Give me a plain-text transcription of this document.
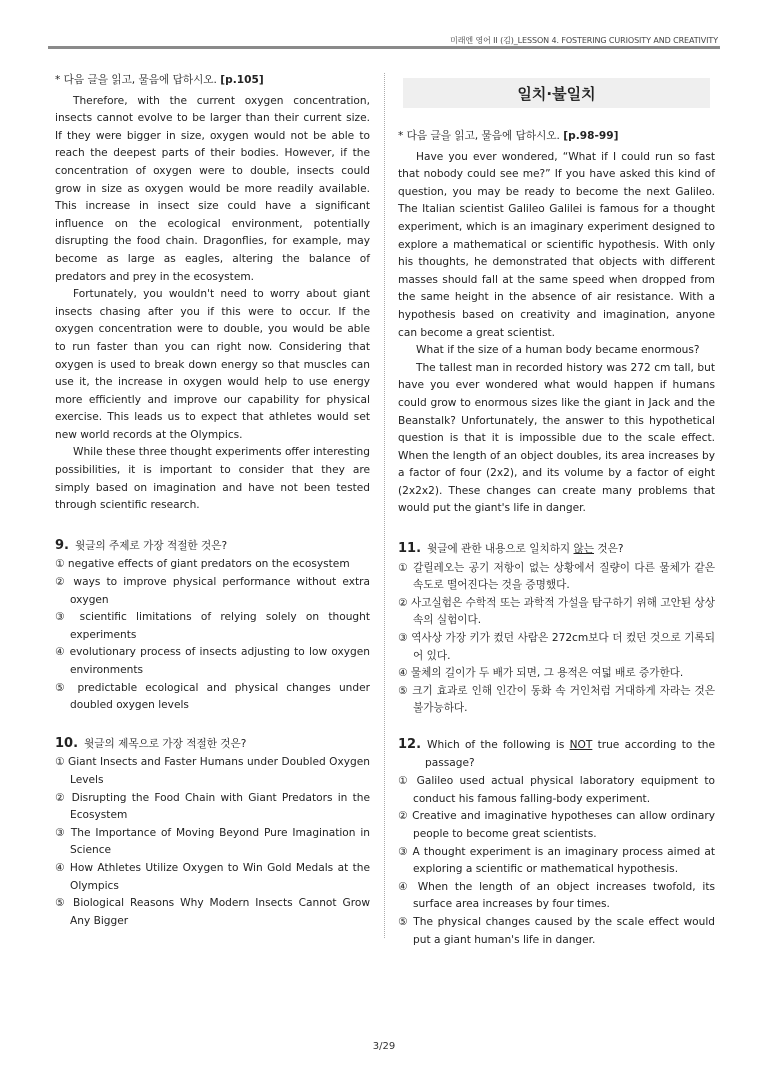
미래엔 영어 II (김)_LESSON 4. FOSTERING CURIOSITY AND CREATIVITY

* 다음 글을 읽고, 물음에 답하시오. [p.105]

Therefore, with the current oxygen concentration, insects cannot evolve to be larger than their current size. If they were bigger in size, oxygen would not be able to reach the deepest parts of their bodies. However, if the concentration of oxygen were to double, insects could grow in size as oxygen would be more readily available. This increase in insect size could have a significant influence on the ecological environment, potentially disrupting the food chain. Dragonflies, for example, may become as large as eagles, altering the balance of predators and prey in the ecosystem.

Fortunately, you wouldn't need to worry about giant insects chasing after you if this were to occur. If the oxygen concentration were to double, you would be able to run faster than you can right now. Considering that oxygen is used to break down energy so that muscles can use it, the increase in oxygen would help to use energy more efficiently and improve our capability for physical exercise. This leads us to expect that athletes would set new world records at the Olympics.

While these three thought experiments offer interesting possibilities, it is important to consider that they are simply based on imagination and have not been tested through scientific research.

9. 윗글의 주제로 가장 적절한 것은?

① negative effects of giant predators on the ecosystem

② ways to improve physical performance without extra oxygen

③ scientific limitations of relying solely on thought experiments

④ evolutionary process of insects adjusting to low oxygen environments

⑤ predictable ecological and physical changes under doubled oxygen levels

10. 윗글의 제목으로 가장 적절한 것은?

① Giant Insects and Faster Humans under Doubled Oxygen Levels

② Disrupting the Food Chain with Giant Predators in the Ecosystem

③ The Importance of Moving Beyond Pure Imagination in Science

④ How Athletes Utilize Oxygen to Win Gold Medals at the Olympics

⑤ Biological Reasons Why Modern Insects Cannot Grow Any Bigger

일치·불일치

* 다음 글을 읽고, 물음에 답하시오. [p.98-99]

Have you ever wondered, “What if I could run so fast that nobody could see me?” If you have asked this kind of question, you may be ready to become the next Galileo. The Italian scientist Galileo Galilei is famous for a thought experiment, which is an imaginary experiment designed to explore a mathematical or scientific hypothesis. With only his thoughts, he demonstrated that objects with different masses should fall at the same speed when dropped from the same height in the absence of air resistance. With a hypothesis based on creativity and imagination, anyone can become a great scientist.

What if the size of a human body became enormous?

The tallest man in recorded history was 272 cm tall, but have you ever wondered what would happen if humans could grow to enormous sizes like the giant in Jack and the Beanstalk? Unfortunately, the answer to this hypothetical question is that it is impossible due to the scale effect. When the length of an object doubles, its area increases by a factor of four (2x2), and its volume by a factor of eight (2x2x2). These changes can create many problems that would put the giant's life in danger.

11. 윗글에 관한 내용으로 일치하지 않는 것은?

① 갈릴레오는 공기 저항이 없는 상황에서 질량이 다른 물체가 같은 속도로 떨어진다는 것을 증명했다.

② 사고실험은 수학적 또는 과학적 가설을 탐구하기 위해 고안된 상상 속의 실험이다.

③ 역사상 가장 키가 컸던 사람은 272cm보다 더 컸던 것으로 기록되어 있다.

④ 물체의 길이가 두 배가 되면, 그 용적은 여덟 배로 증가한다.

⑤ 크기 효과로 인해 인간이 동화 속 거인처럼 거대하게 자라는 것은 불가능하다.

12. Which of the following is NOT true according to the passage?

① Galileo used actual physical laboratory equipment to conduct his famous falling-body experiment.

② Creative and imaginative hypotheses can allow ordinary people to become great scientists.

③ A thought experiment is an imaginary process aimed at exploring a scientific or mathematical hypothesis.

④ When the length of an object increases twofold, its surface area increases by four times.

⑤ The physical changes caused by the scale effect would put a giant human's life in danger.

3/29
